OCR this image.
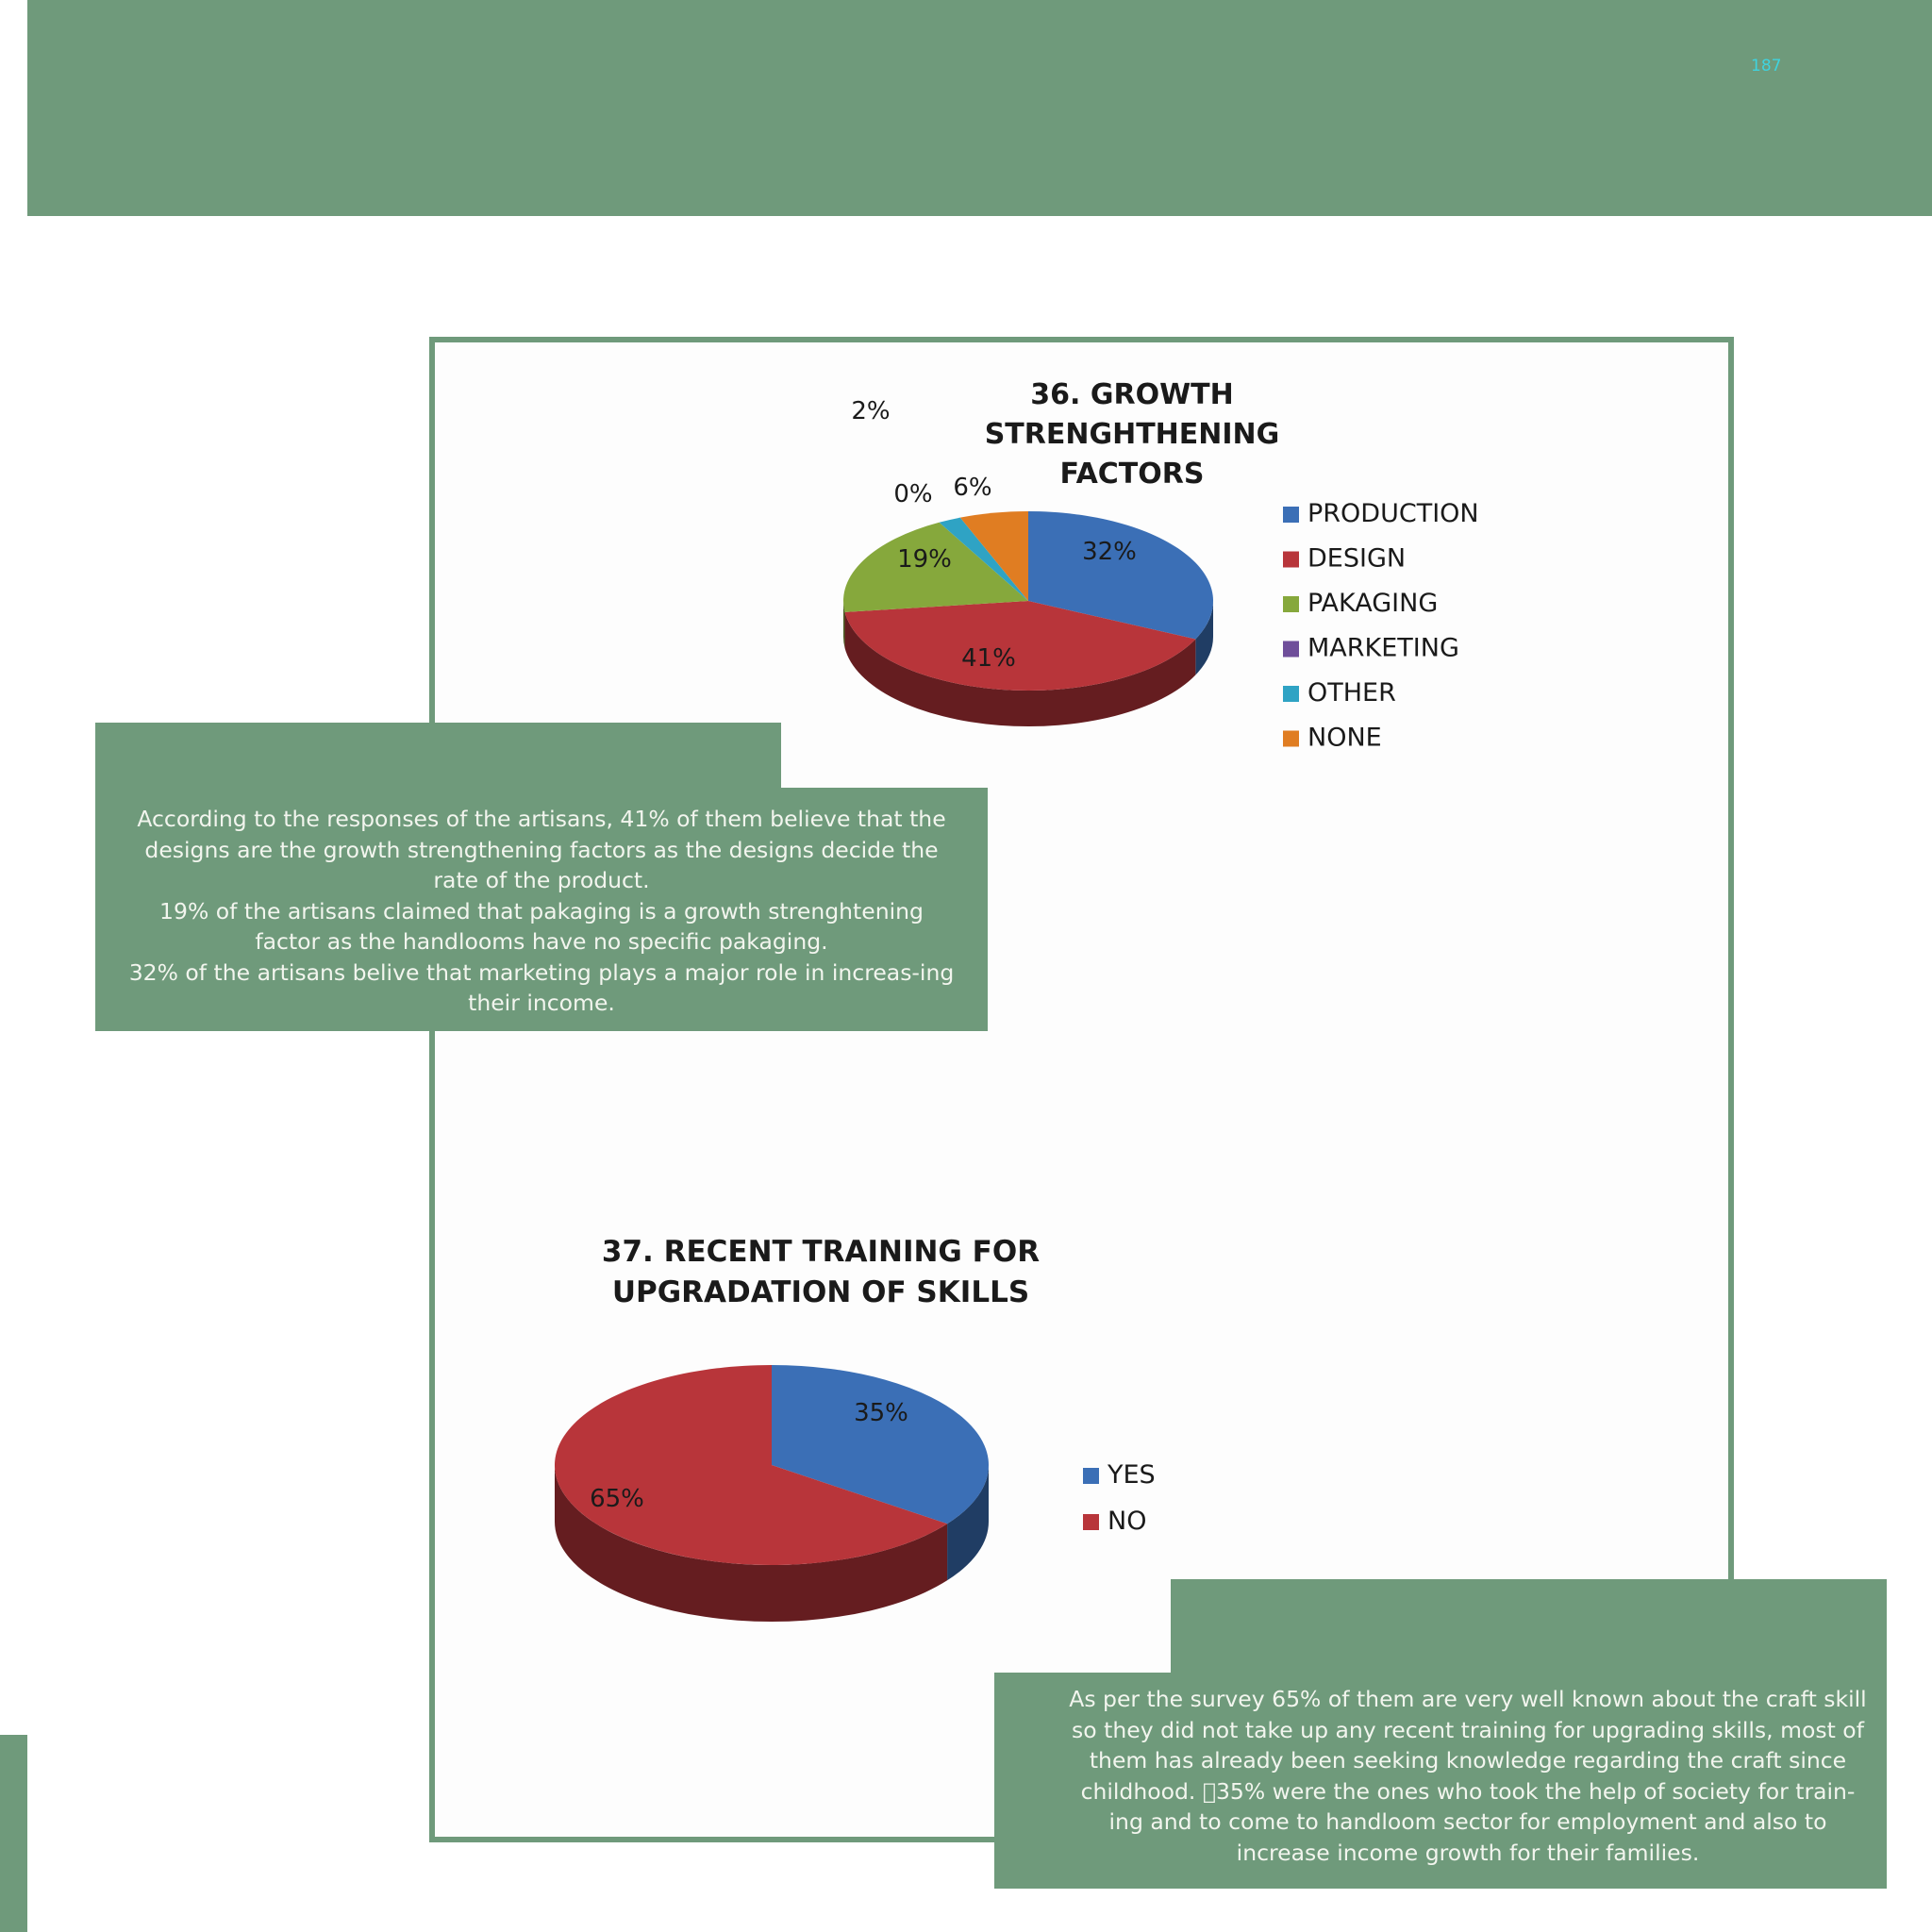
187
36. GROWTH STRENGHTHENING
FACTORS
32%
41%
19%
0%
2%
6%
PRODUCTION
DESIGN
PAKAGING
MARKETING
OTHER
NONE
37. RECENT TRAINING FOR
UPGRADATION OF SKILLS
35%
65%
YES
NO

According to the responses of the artisans, 41% of them believe that the designs are the growth strengthening factors as the designs decide the rate of the product.

19% of the artisans claimed that pakaging is a growth strenghtening factor as the handlooms have no specific pakaging.

32% of the artisans belive that marketing plays a major role in increas-ing their income.

As per the survey 65% of them are very well known about the craft skill so they did not take up any recent training for upgrading skills, most of them has already been seeking knowledge regarding the craft since childhood. 35% were the ones who took the help of society for train-ing and to come to handloom sector for employment and also to increase income growth for their families.
